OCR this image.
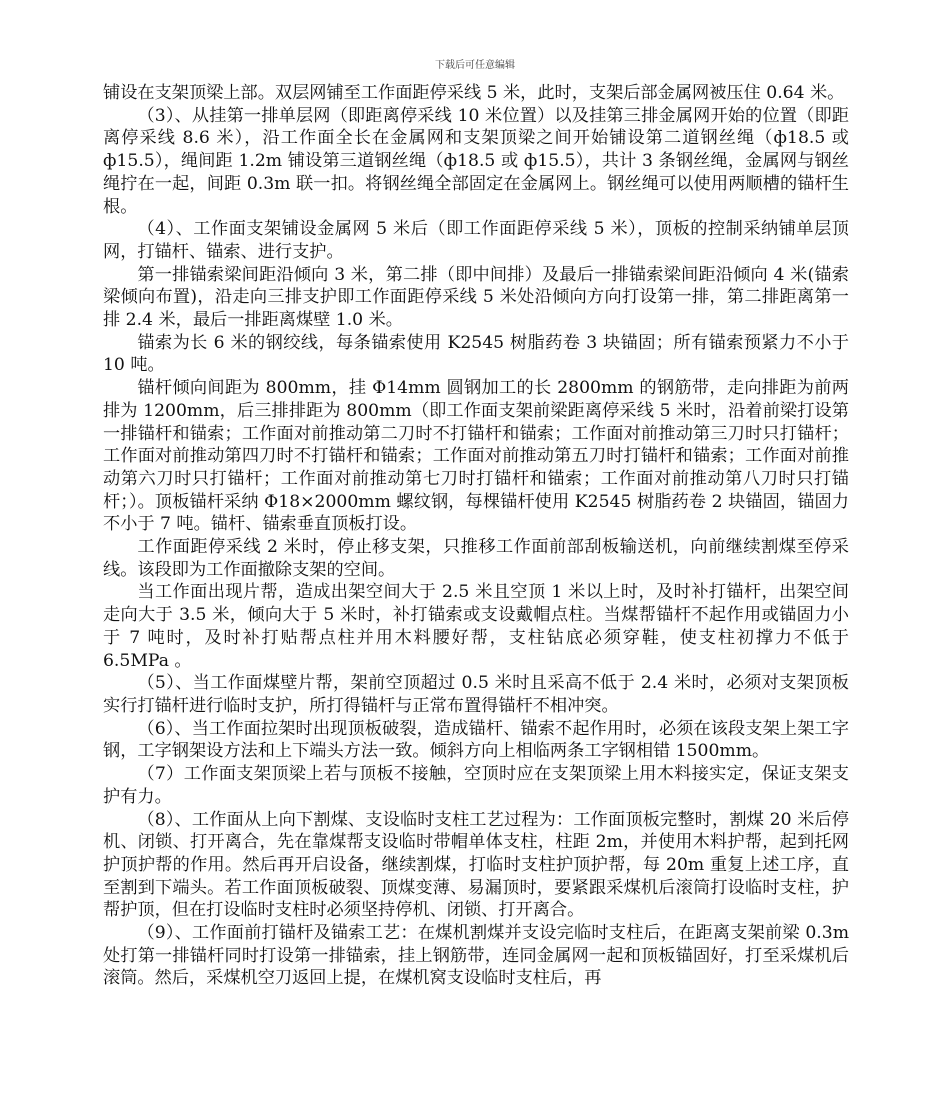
下载后可任意编辑

铺设在支架顶梁上部。双层网铺至工作面距停采线 5 米，此时，支架后部金属网被压住 0.64 米。

（3）、从挂第一排单层网（即距离停采线 10 米位置）以及挂第三排金属网开始的位置（即距离停采线 8.6 米），沿工作面全长在金属网和支架顶梁之间开始铺设第二道钢丝绳（ф18.5 或 ф15.5），绳间距 1.2m 铺设第三道钢丝绳（ф18.5 或 ф15.5），共计 3 条钢丝绳，金属网与钢丝绳拧在一起，间距 0.3m 联一扣。将钢丝绳全部固定在金属网上。钢丝绳可以使用两顺槽的锚杆生根。

（4）、工作面支架铺设金属网 5 米后（即工作面距停采线 5 米），顶板的控制采纳铺单层顶网，打锚杆、锚索、进行支护。

第一排锚索梁间距沿倾向 3 米，第二排（即中间排）及最后一排锚索梁间距沿倾向 4 米(锚索梁倾向布置)，沿走向三排支护即工作面距停采线 5 米处沿倾向方向打设第一排，第二排距离第一排 2.4 米，最后一排距离煤壁 1.0 米。

锚索为长 6 米的钢绞线，每条锚索使用 K2545 树脂药卷 3 块锚固；所有锚索预紧力不小于 10 吨。

锚杆倾向间距为 800mm，挂 Φ14mm 圆钢加工的长 2800mm 的钢筋带，走向排距为前两排为 1200mm，后三排排距为 800mm（即工作面支架前梁距离停采线 5 米时，沿着前梁打设第一排锚杆和锚索；工作面对前推动第二刀时不打锚杆和锚索；工作面对前推动第三刀时只打锚杆；工作面对前推动第四刀时不打锚杆和锚索；工作面对前推动第五刀时打锚杆和锚索；工作面对前推动第六刀时只打锚杆；工作面对前推动第七刀时打锚杆和锚索；工作面对前推动第八刀时只打锚杆；）。顶板锚杆采纳 Φ18×2000mm 螺纹钢，每棵锚杆使用 K2545 树脂药卷 2 块锚固，锚固力不小于 7 吨。锚杆、锚索垂直顶板打设。

工作面距停采线 2 米时，停止移支架，只推移工作面前部刮板输送机，向前继续割煤至停采线。该段即为工作面撤除支架的空间。

当工作面出现片帮，造成出架空间大于 2.5 米且空顶 1 米以上时，及时补打锚杆，出架空间走向大于 3.5 米，倾向大于 5 米时，补打锚索或支设戴帽点柱。当煤帮锚杆不起作用或锚固力小于 7 吨时，及时补打贴帮点柱并用木料腰好帮，支柱钻底必须穿鞋，使支柱初撑力不低于 6.5MPa 。

（5）、当工作面煤壁片帮，架前空顶超过 0.5 米时且采高不低于 2.4 米时，必须对支架顶板实行打锚杆进行临时支护，所打得锚杆与正常布置得锚杆不相冲突。

（6）、当工作面拉架时出现顶板破裂，造成锚杆、锚索不起作用时，必须在该段支架上架工字钢，工字钢架设方法和上下端头方法一致。倾斜方向上相临两条工字钢相错 1500mm。

（7）工作面支架顶梁上若与顶板不接触，空顶时应在支架顶梁上用木料接实定，保证支架支护有力。

（8）、工作面从上向下割煤、支设临时支柱工艺过程为：工作面顶板完整时，割煤 20 米后停机、闭锁、打开离合，先在靠煤帮支设临时带帽单体支柱，柱距 2m，并使用木料护帮，起到托网护顶护帮的作用。然后再开启设备，继续割煤，打临时支柱护顶护帮，每 20m 重复上述工序，直至割到下端头。若工作面顶板破裂、顶煤变薄、易漏顶时，要紧跟采煤机后滚筒打设临时支柱，护帮护顶，但在打设临时支柱时必须坚持停机、闭锁、打开离合。

（9）、工作面前打锚杆及锚索工艺：在煤机割煤并支设完临时支柱后，在距离支架前梁 0.3m 处打第一排锚杆同时打设第一排锚索，挂上钢筋带，连同金属网一起和顶板锚固好，打至采煤机后滚筒。然后，采煤机空刀返回上提，在煤机窝支设临时支柱后，再
